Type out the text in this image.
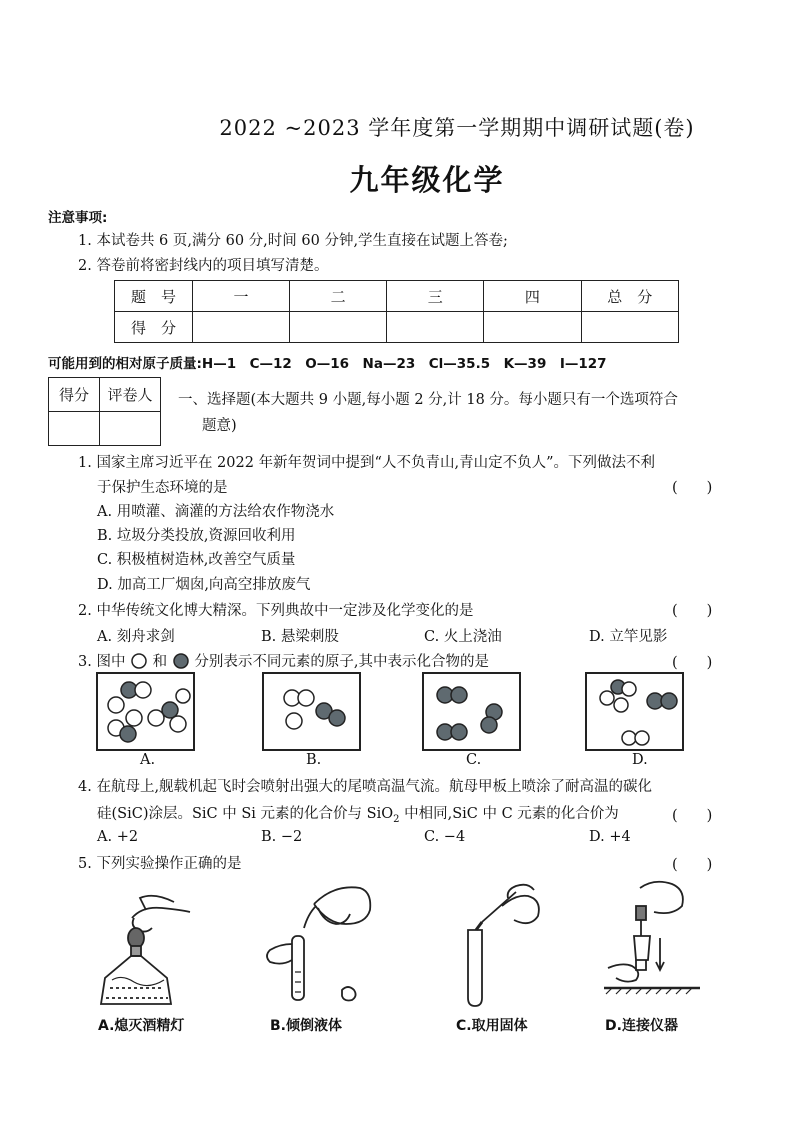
2022 ~2023 学年度第一学期期中调研试题(卷)
九年级化学
注意事项:
1. 本试卷共 6 页,满分 60 分,时间 60 分钟,学生直接在试题上答卷;
2. 答卷前将密封线内的项目填写清楚。
题　号	一	二	三	四	总　分
得　分					
可能用到的相对原子质量:H—1　C—12　O—16　Na—23　Cl—35.5　K—39　I—127
得分	评卷人
	一、选择题(本大题共 9 小题,每小题 2 分,计 18 分。每小题只有一个选项符合
题意)
1. 国家主席习近平在 2022 年新年贺词中提到“人不负青山,青山定不负人”。下列做法不利
于保护生态环境的是	(　　)
A. 用喷灌、滴灌的方法给农作物浇水
B. 垃圾分类投放,资源回收利用
C. 积极植树造林,改善空气质量
D. 加高工厂烟囱,向高空排放废气
2. 中华传统文化博大精深。下列典故中一定涉及化学变化的是	(　　)
A. 刻舟求剑	B. 悬梁刺股	C. 火上浇油	D. 立竿见影
3. 图中 和 分别表示不同元素的原子,其中表示化合物的是	(　　)
A.	B.	C.	D.
4. 在航母上,舰载机起飞时会喷射出强大的尾喷高温气流。航母甲板上喷涂了耐高温的碳化
硅(SiC)涂层。SiC 中 Si 元素的化合价与 SiO$_2$ 中相同,SiC 中 C 元素的化合价为	(　　)
A. +2	B. −2	C. −4	D. +4
5. 下列实验操作正确的是	(　　)
A.熄灭酒精灯	B.倾倒液体	C.取用固体	D.连接仪器
